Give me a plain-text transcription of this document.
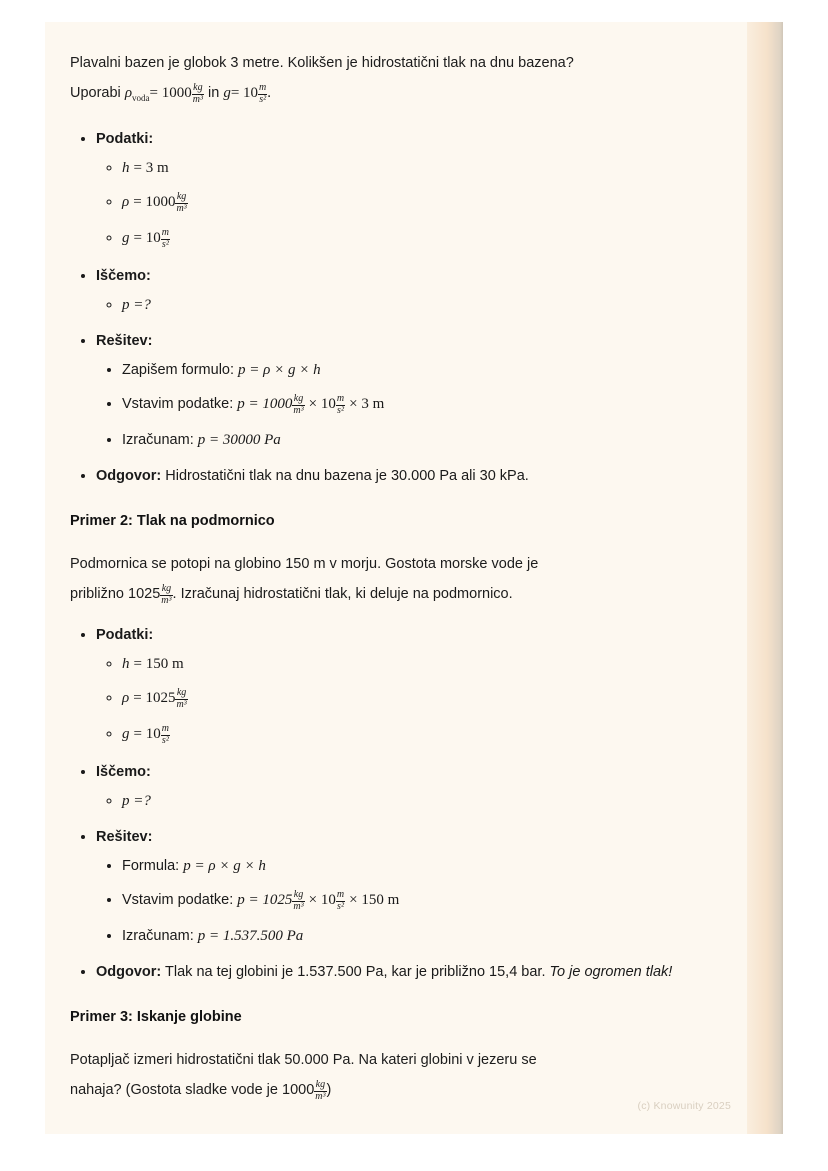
Plavalni bazen je globok 3 metre. Kolikšen je hidrostatični tlak na dnu bazena?

Uporabi $\rho_{voda}= 1000 \frac{kg}{\text{m³}}$ in $g= 10 \frac{m}{\text{s²}}$ .

• Podatki:
◦ h = 3 m
◦ $\rho = 1000 \frac{kg}{\text{m³}}$
◦ $g = 10 \frac{m}{\text{s²}}$
• Iščemo:
◦ p =?
• Rešitev:
• Zapišem formulo: p = ρ × g × h
• Vstavim podatke: $p = 1000 \frac{kg}{\text{m³}} \times 10 \frac{m}{\text{s²}} \times 3$ m
• Izračunam: p = 30000 Pa
• Odgovor: Hidrostatični tlak na dnu bazena je 30.000 Pa ali 30 kPa.
Primer 2: Tlak na podmornico

Podmornica se potopi na globino 150 m v morju. Gostota morske vode je

približno $1025 \frac{kg}{\text{m³}}$ . Izračunaj hidrostatični tlak, ki deluje na podmornico.

• Podatki:
◦ h = 150 m
◦ $\rho = 1025 \frac{kg}{\text{m³}}$
◦ $g = 10 \frac{m}{\text{s²}}$
• Iščemo:
◦ p =?
• Rešitev:
• Formula: p = ρ × g × h
• Vstavim podatke: $p = 1025 \frac{kg}{\text{m³}} \times 10 \frac{m}{\text{s²}} \times 150$ m
• Izračunam: p = 1.537.500 Pa
• Odgovor: Tlak na tej globini je 1.537.500 Pa, kar je približno 15,4 bar. To je ogromen tlak!
Primer 3: Iskanje globine

Potapljač izmeri hidrostatični tlak 50.000 Pa. Na kateri globini v jezeru se

nahaja? (Gostota sladke vode je $1000 \frac{kg}{\text{m³}}$ )

(c) Knowunity 2025
